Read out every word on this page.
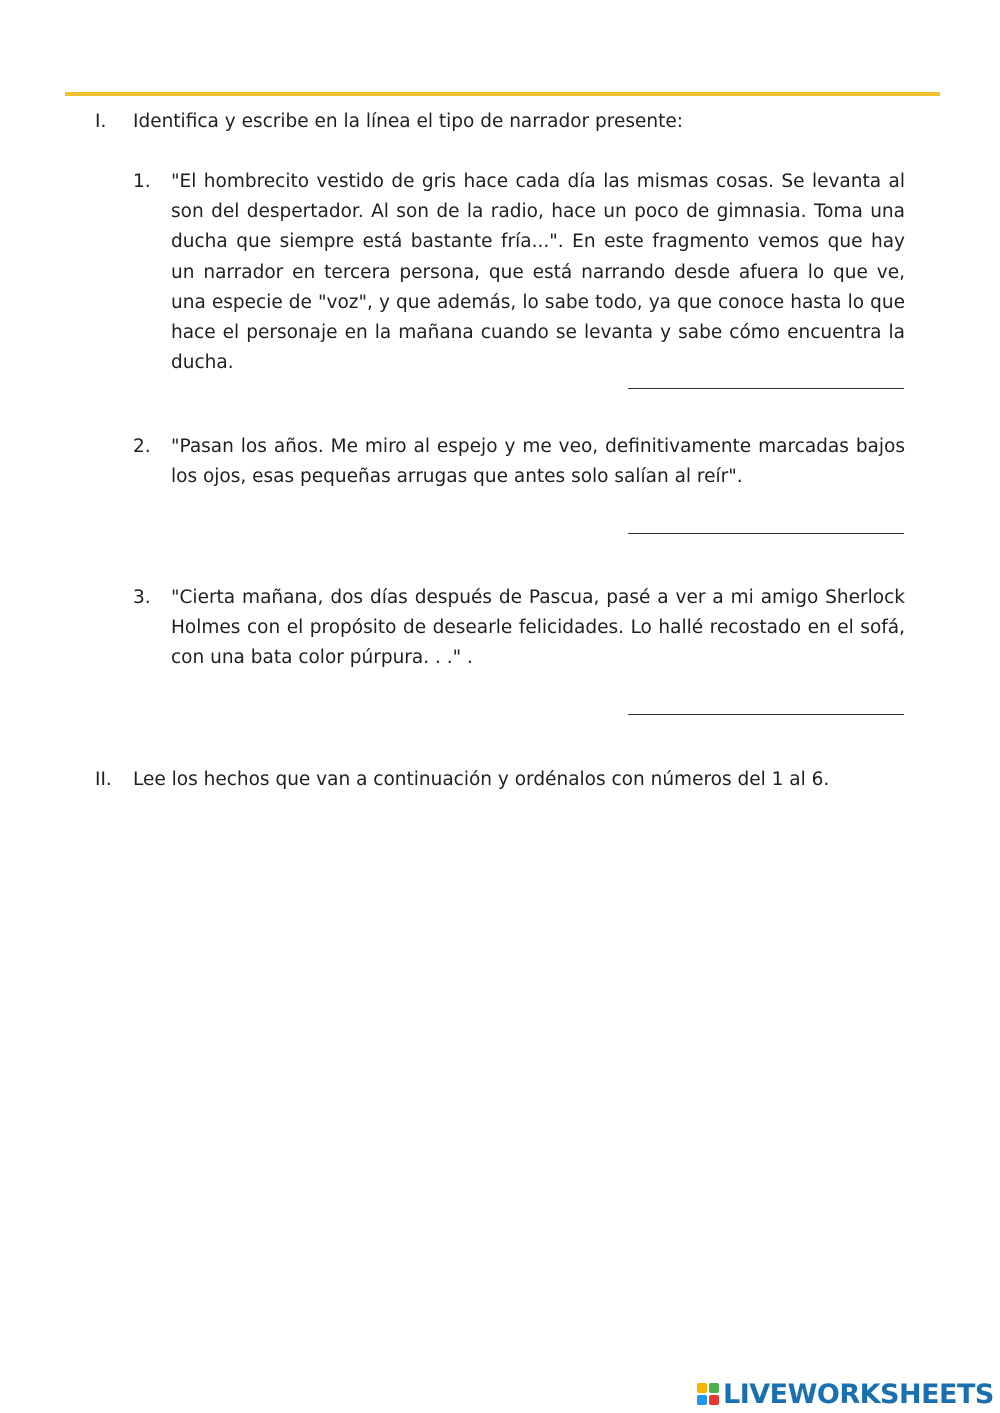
I. Identifica y escribe en la línea el tipo de narrador presente:
1. "El hombrecito vestido de gris hace cada día las mismas cosas. Se levanta al son del despertador. Al son de la radio, hace un poco de gimnasia. Toma una ducha que siempre está bastante fría...". En este fragmento vemos que hay un narrador en tercera persona, que está narrando desde afuera lo que ve, una especie de "voz", y que además, lo sabe todo, ya que conoce hasta lo que hace el personaje en la mañana cuando se levanta y sabe cómo encuentra la ducha.
2. "Pasan los años. Me miro al espejo y me veo, definitivamente marcadas bajos los ojos, esas pequeñas arrugas que antes solo salían al reír".
3. "Cierta mañana, dos días después de Pascua, pasé a ver a mi amigo Sherlock Holmes con el propósito de desearle felicidades. Lo hallé recostado en el sofá, con una bata color púrpura. . ." .
II. Lee los hechos que van a continuación y ordénalos con números del 1 al 6.
LIVEWORKSHEETS
